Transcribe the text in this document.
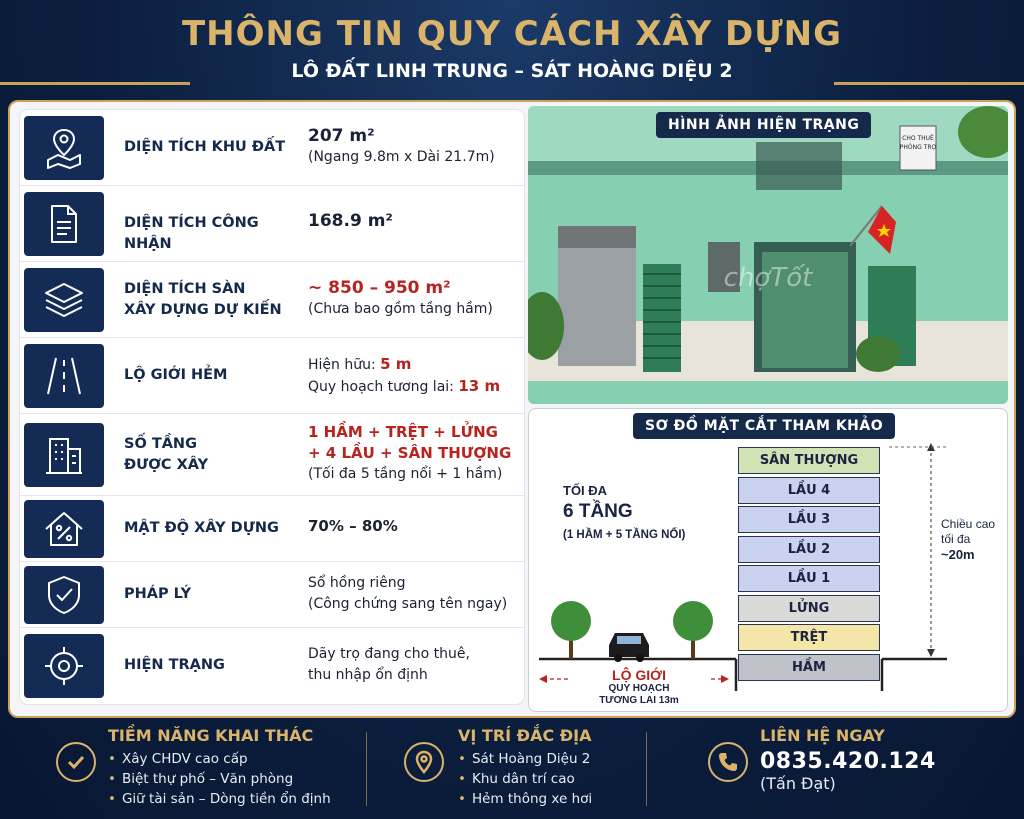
THÔNG TIN QUY CÁCH XÂY DỰNG
LÔ ĐẤT LINH TRUNG – SÁT HOÀNG DIỆU 2
DIỆN TÍCH KHU ĐẤT
207 m²
(Ngang 9.8m x Dài 21.7m)
DIỆN TÍCH CÔNG NHẬN
168.9 m²
DIỆN TÍCH SÀN
XÂY DỰNG DỰ KIẾN
~ 850 – 950 m²
(Chưa bao gồm tầng hầm)
LỘ GIỚI HẺM
Hiện hữu: 5 m
Quy hoạch tương lai: 13 m
SỐ TẦNG
ĐƯỢC XÂY
1 HẦM + TRỆT + LỬNG
+ 4 LẦU + SÂN THƯỢNG
(Tối đa 5 tầng nổi + 1 hầm)
MẬT ĐỘ XÂY DỰNG	70% – 80%
PHÁP LÝ
Sổ hồng riêng
(Công chứng sang tên ngay)
HIỆN TRẠNG
Dãy trọ đang cho thuê,
thu nhập ổn định
CHO THUÊ
PHÒNG TRỌ
chợTốt
HÌNH ẢNH HIỆN TRẠNG
SƠ ĐỒ MẶT CẮT THAM KHẢO
TỐI ĐA
6 TẦNG
(1 HẦM + 5 TẦNG NỔI)
SÂN THƯỢNG
LẦU 4
LẦU 3
LẦU 2
LẦU 1
LỬNG
TRỆT
HẦM
Chiều cao
tối đa
~20m
LỘ GIỚI
QUY HOẠCH
TƯƠNG LAI 13m
TIỀM NĂNG KHAI THÁC
• Xây CHDV cao cấp
• Biệt thự phố – Văn phòng
• Giữ tài sản – Dòng tiền ổn định
VỊ TRÍ ĐẮC ĐỊA
• Sát Hoàng Diệu 2
• Khu dân trí cao
• Hẻm thông xe hơi
LIÊN HỆ NGAY
0835.420.124
(Tấn Đạt)
